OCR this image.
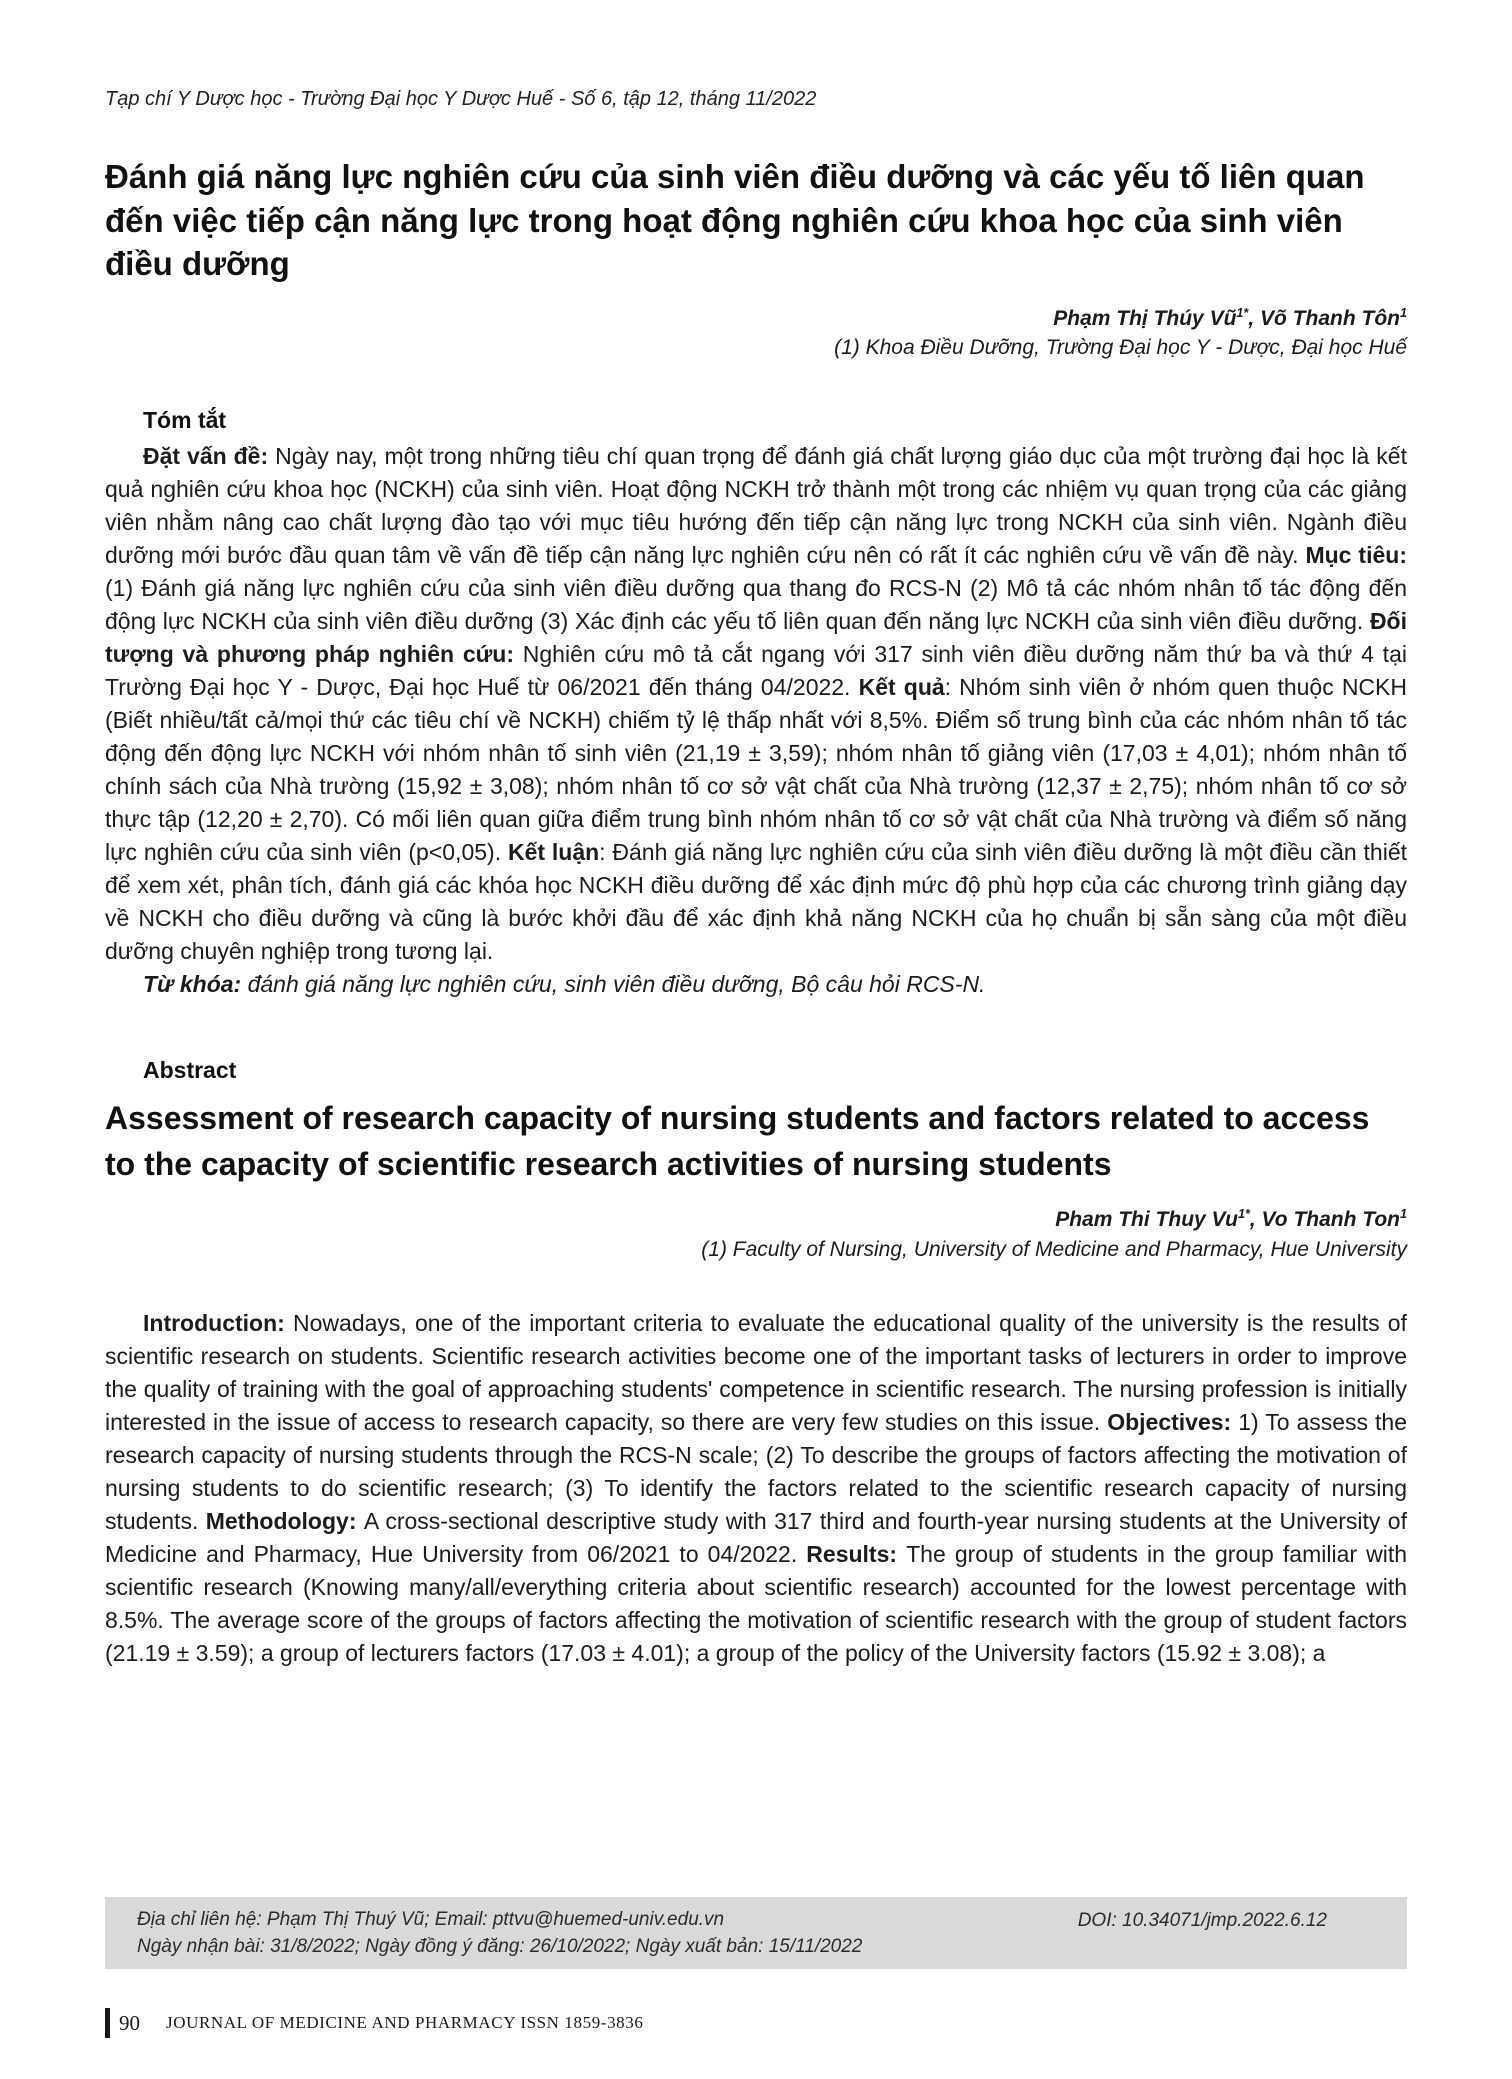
Tạp chí Y Dược học - Trường Đại học Y Dược Huế - Số 6, tập 12, tháng 11/2022
Đánh giá năng lực nghiên cứu của sinh viên điều dưỡng và các yếu tố liên quan đến việc tiếp cận năng lực trong hoạt động nghiên cứu khoa học của sinh viên điều dưỡng
Phạm Thị Thúy $Vũ^{1*}$, Võ Thanh Tôn$^1$
(1) Khoa Điều Dưỡng, Trường Đại học Y - Dược, Đại học Huế
Tóm tắt

Đặt vấn đề: Ngày nay, một trong những tiêu chí quan trọng để đánh giá chất lượng giáo dục của một trường đại học là kết quả nghiên cứu khoa học (NCKH) của sinh viên. Hoạt động NCKH trở thành một trong các nhiệm vụ quan trọng của các giảng viên nhằm nâng cao chất lượng đào tạo với mục tiêu hướng đến tiếp cận năng lực trong NCKH của sinh viên. Ngành điều dưỡng mới bước đầu quan tâm về vấn đề tiếp cận năng lực nghiên cứu nên có rất ít các nghiên cứu về vấn đề này. Mục tiêu: (1) Đánh giá năng lực nghiên cứu của sinh viên điều dưỡng qua thang đo RCS-N (2) Mô tả các nhóm nhân tố tác động đến động lực NCKH của sinh viên điều dưỡng (3) Xác định các yếu tố liên quan đến năng lực NCKH của sinh viên điều dưỡng. Đối tượng và phương pháp nghiên cứu: Nghiên cứu mô tả cắt ngang với 317 sinh viên điều dưỡng năm thứ ba và thứ 4 tại Trường Đại học Y - Dược, Đại học Huế từ 06/2021 đến tháng 04/2022. Kết quả: Nhóm sinh viên ở nhóm quen thuộc NCKH (Biết nhiều/tất cả/mọi thứ các tiêu chí về NCKH) chiếm tỷ lệ thấp nhất với 8,5%. Điểm số trung bình của các nhóm nhân tố tác động đến động lực NCKH với nhóm nhân tố sinh viên (21,19 ± 3,59); nhóm nhân tố giảng viên (17,03 ± 4,01); nhóm nhân tố chính sách của Nhà trường (15,92 ± 3,08); nhóm nhân tố cơ sở vật chất của Nhà trường (12,37 ± 2,75); nhóm nhân tố cơ sở thực tập (12,20 ± 2,70). Có mối liên quan giữa điểm trung bình nhóm nhân tố cơ sở vật chất của Nhà trường và điểm số năng lực nghiên cứu của sinh viên (p<0,05). Kết luận: Đánh giá năng lực nghiên cứu của sinh viên điều dưỡng là một điều cần thiết để xem xét, phân tích, đánh giá các khóa học NCKH điều dưỡng để xác định mức độ phù hợp của các chương trình giảng dạy về NCKH cho điều dưỡng và cũng là bước khởi đầu để xác định khả năng NCKH của họ chuẩn bị sẵn sàng của một điều dưỡng chuyên nghiệp trong tương lại.

Từ khóa: đánh giá năng lực nghiên cứu, sinh viên điều dưỡng, Bộ câu hỏi RCS-N.

Abstract
Assessment of research capacity of nursing students and factors related to access to the capacity of scientific research activities of nursing students
Pham Thi Thuy $Vu^{1*}$, Vo Thanh Ton$^1$
(1) Faculty of Nursing, University of Medicine and Pharmacy, Hue University

Introduction: Nowadays, one of the important criteria to evaluate the educational quality of the university is the results of scientific research on students. Scientific research activities become one of the important tasks of lecturers in order to improve the quality of training with the goal of approaching students' competence in scientific research. The nursing profession is initially interested in the issue of access to research capacity, so there are very few studies on this issue. Objectives: 1) To assess the research capacity of nursing students through the RCS-N scale; (2) To describe the groups of factors affecting the motivation of nursing students to do scientific research; (3) To identify the factors related to the scientific research capacity of nursing students. Methodology: A cross-sectional descriptive study with 317 third and fourth-year nursing students at the University of Medicine and Pharmacy, Hue University from 06/2021 to 04/2022. Results: The group of students in the group familiar with scientific research (Knowing many/all/everything criteria about scientific research) accounted for the lowest percentage with 8.5%. The average score of the groups of factors affecting the motivation of scientific research with the group of student factors (21.19 ± 3.59); a group of lecturers factors (17.03 ± 4.01); a group of the policy of the University factors (15.92 ± 3.08); a

Địa chỉ liên hệ: Phạm Thị Thuý Vũ; Email: pttvu@huemed-univ.edu.vn
Ngày nhận bài: 31/8/2022; Ngày đồng ý đăng: 26/10/2022; Ngày xuất bản: 15/11/2022
DOI: 10.34071/jmp.2022.6.12
90 JOURNAL OF MEDICINE AND PHARMACY ISSN 1859-3836
